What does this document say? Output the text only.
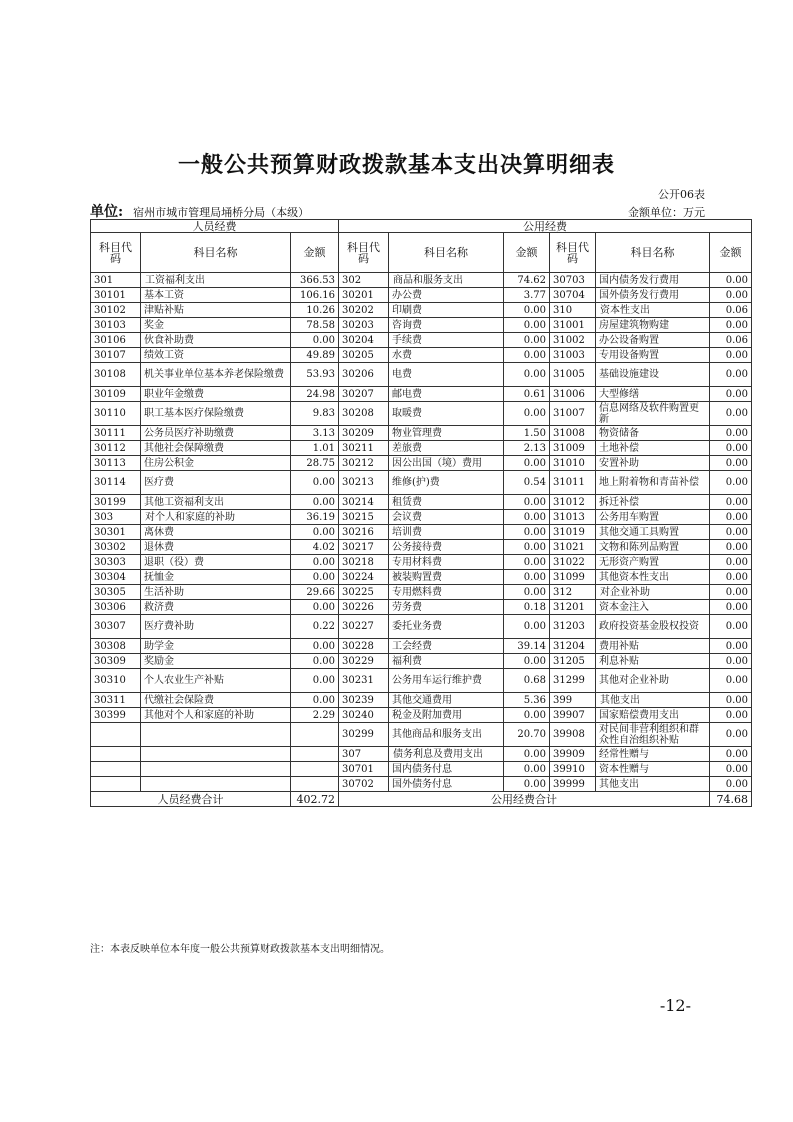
一般公共预算财政拨款基本支出决算明细表
公开06表
单位: 宿州市城市管理局埇桥分局（本级）	金额单位：万元
人员经费			公用经费					
科目代码	科目名称	金额	科目代码	科目名称	金额	科目代码	科目名称	金额
301	工资福利支出	366.53	302	商品和服务支出	74.62	30703	国内债务发行费用	0.00
30101	基本工资	106.16	30201	办公费	3.77	30704	国外债务发行费用	0.00
30102	津贴补贴	10.26	30202	印刷费	0.00	310	资本性支出	0.06
30103	奖金	78.58	30203	咨询费	0.00	31001	房屋建筑物购建	0.00
30106	伙食补助费	0.00	30204	手续费	0.00	31002	办公设备购置	0.06
30107	绩效工资	49.89	30205	水费	0.00	31003	专用设备购置	0.00
30108	机关事业单位基本养老保险缴费	53.93	30206	电费	0.00	31005	基础设施建设	0.00
30109	职业年金缴费	24.98	30207	邮电费	0.61	31006	大型修缮	0.00
30110	职工基本医疗保险缴费	9.83	30208	取暖费	0.00	31007	信息网络及软件购置更新	0.00
30111	公务员医疗补助缴费	3.13	30209	物业管理费	1.50	31008	物资储备	0.00
30112	其他社会保障缴费	1.01	30211	差旅费	2.13	31009	土地补偿	0.00
30113	住房公积金	28.75	30212	因公出国（境）费用	0.00	31010	安置补助	0.00
30114	医疗费	0.00	30213	维修(护)费	0.54	31011	地上附着物和青苗补偿	0.00
30199	其他工资福利支出	0.00	30214	租赁费	0.00	31012	拆迁补偿	0.00
303	对个人和家庭的补助	36.19	30215	会议费	0.00	31013	公务用车购置	0.00
30301	离休费	0.00	30216	培训费	0.00	31019	其他交通工具购置	0.00
30302	退休费	4.02	30217	公务接待费	0.00	31021	文物和陈列品购置	0.00
30303	退职（役）费	0.00	30218	专用材料费	0.00	31022	无形资产购置	0.00
30304	抚恤金	0.00	30224	被装购置费	0.00	31099	其他资本性支出	0.00
30305	生活补助	29.66	30225	专用燃料费	0.00	312	对企业补助	0.00
30306	救济费	0.00	30226	劳务费	0.18	31201	资本金注入	0.00
30307	医疗费补助	0.22	30227	委托业务费	0.00	31203	政府投资基金股权投资	0.00
30308	助学金	0.00	30228	工会经费	39.14	31204	费用补贴	0.00
30309	奖励金	0.00	30229	福利费	0.00	31205	利息补贴	0.00
30310	个人农业生产补贴	0.00	30231	公务用车运行维护费	0.68	31299	其他对企业补助	0.00
30311	代缴社会保险费	0.00	30239	其他交通费用	5.36	399	其他支出	0.00
30399	其他对个人和家庭的补助	2.29	30240	税金及附加费用	0.00	39907	国家赔偿费用支出	0.00
			30299	其他商品和服务支出	20.70	39908	对民间非营利组织和群众性自治组织补贴	0.00
			307	债务利息及费用支出	0.00	39909	经常性赠与	0.00
			30701	国内债务付息	0.00	39910	资本性赠与	0.00
			30702	国外债务付息	0.00	39999	其他支出	0.00
人员经费合计		402.72	公用经费合计					74.68
注：本表反映单位本年度一般公共预算财政拨款基本支出明细情况。
-12-
